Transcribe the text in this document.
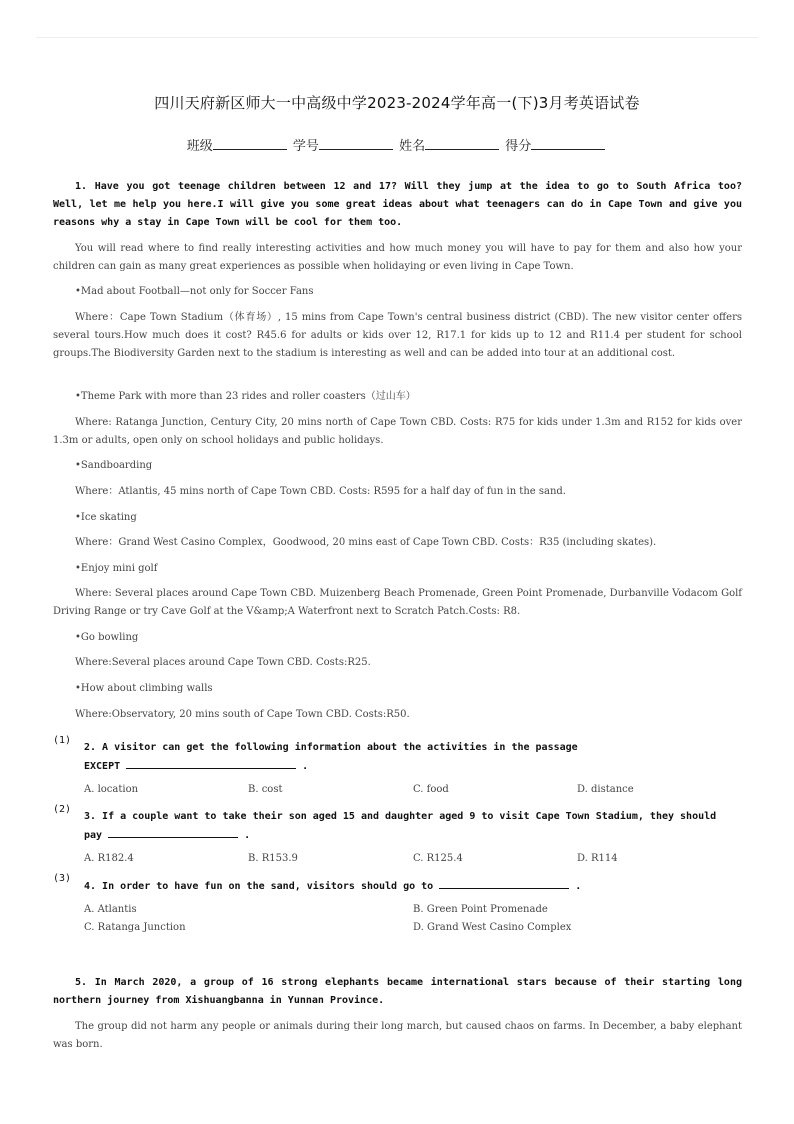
四川天府新区师大一中高级中学2023-2024学年高一(下)3月考英语试卷
班级	学号	姓名	得分

1. Have you got teenage children between 12 and 17? Will they jump at the idea to go to South Africa too? Well, let me help you here.I will give you some great ideas about what teenagers can do in Cape Town and give you reasons why a stay in Cape Town will be cool for them too.

You will read where to find really interesting activities and how much money you will have to pay for them and also how your children can gain as many great experiences as possible when holidaying or even living in Cape Town.

•Mad about Football—not only for Soccer Fans

Where：Cape Town Stadium（体育场）, 15 mins from Cape Town's central business district (CBD). The new visitor center offers several tours.How much does it cost? R45.6 for adults or kids over 12, R17.1 for kids up to 12 and R11.4 per student for school groups.The Biodiversity Garden next to the stadium is interesting as well and can be added into tour at an additional cost.

•Theme Park with more than 23 rides and roller coasters（过山车）

Where: Ratanga Junction, Century City, 20 mins north of Cape Town CBD. Costs: R75 for kids under 1.3m and R152 for kids over 1.3m or adults, open only on school holidays and public holidays.

•Sandboarding

Where：Atlantis, 45 mins north of Cape Town CBD. Costs: R595 for a half day of fun in the sand.

•Ice skating

Where：Grand West Casino Complex，Goodwood, 20 mins east of Cape Town CBD. Costs：R35 (including skates).

•Enjoy mini golf

Where: Several places around Cape Town CBD. Muizenberg Beach Promenade, Green Point Promenade, Durbanville Vodacom Golf Driving Range or try Cave Golf at the V&amp;A Waterfront next to Scratch Patch.Costs: R8.

•Go bowling

Where:Several places around Cape Town CBD. Costs:R25.

•How about climbing walls

Where:Observatory, 20 mins south of Cape Town CBD. Costs:R50.

(1)
2. A visitor can get the following information about the activities in the passage
EXCEPT	.
A. location	B. cost	C. food	D. distance
(2)
3. If a couple want to take their son aged 15 and daughter aged 9 to visit Cape Town Stadium, they should
pay	.
A. R182.4	B. R153.9	C. R125.4	D. R114
(3)
4. In order to have fun on the sand, visitors should go to	.
A. Atlantis	B. Green Point Promenade
C. Ratanga Junction	D. Grand West Casino Complex

5. In March 2020, a group of 16 strong elephants became international stars because of their starting long northern journey from Xishuangbanna in Yunnan Province.

The group did not harm any people or animals during their long march, but caused chaos on farms. In December, a baby elephant was born.
